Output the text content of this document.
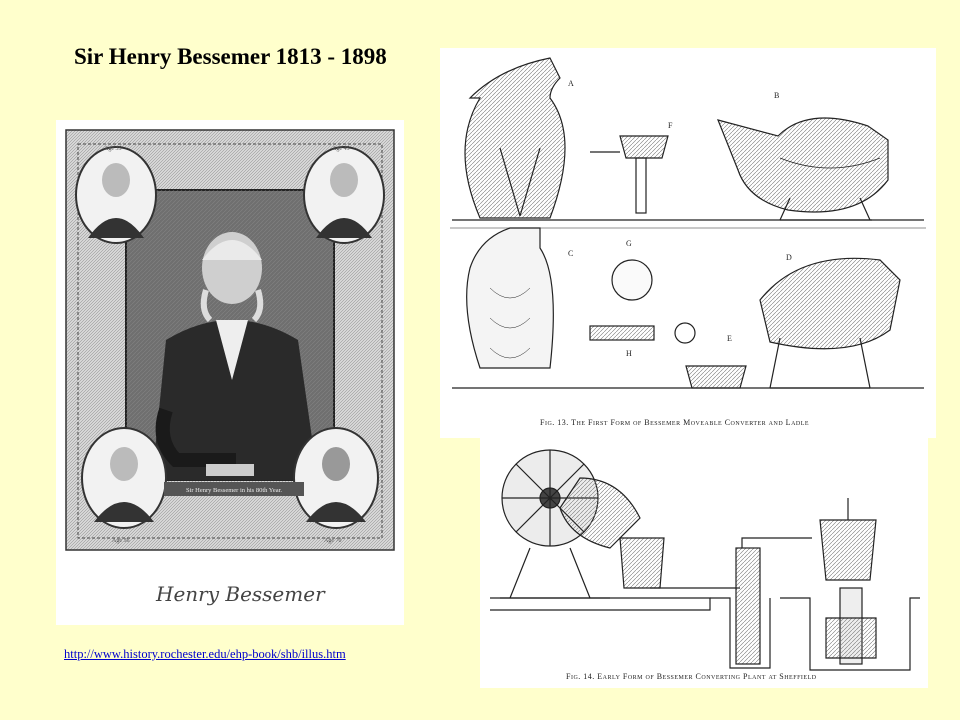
Sir Henry Bessemer 1813 - 1898
Age 35	Age 45
Age 56	Age 70
Sir Henry Bessemer in his 80th Year.
Henry Bessemer
A
B
C	D
E
F
G
H
Fig. 13. The First Form of Bessemer Moveable Converter and Ladle
Fig. 14. Early Form of Bessemer Converting Plant at Sheffield
http://www.history.rochester.edu/ehp-book/shb/illus.htm
